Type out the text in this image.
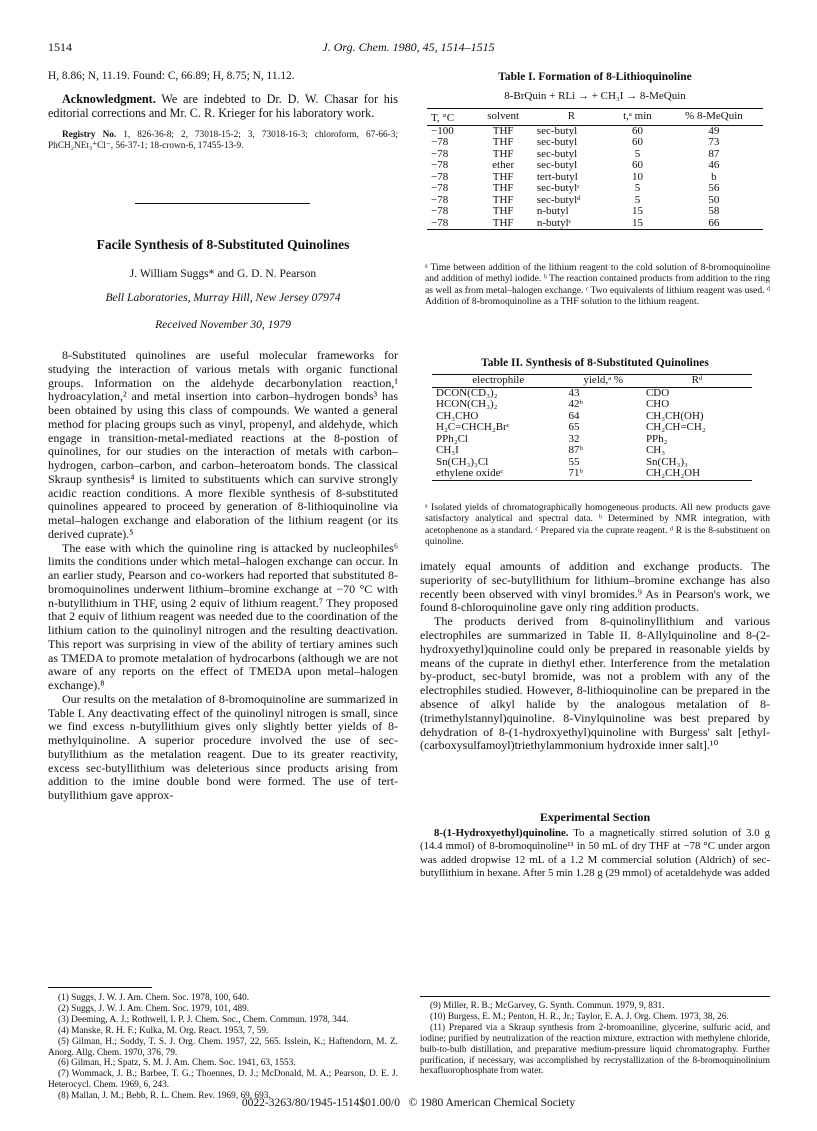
1514	J. Org. Chem. 1980, 45, 1514–1515

H, 8.86; N, 11.19. Found: C, 66.89; H, 8.75; N, 11.12.

Acknowledgment. We are indebted to Dr. D. W. Chasar for his editorial corrections and Mr. C. R. Krieger for his laboratory work.

Registry No. 1, 826-36-8; 2, 73018-15-2; 3, 73018-16-3; chloroform, 67-66-3; PhCH₂NEt₃⁺Cl⁻, 56-37-1; 18-crown-6, 17455-13-9.

Facile Synthesis of 8-Substituted Quinolines
J. William Suggs* and G. D. N. Pearson
Bell Laboratories, Murray Hill, New Jersey 07974
Received November 30, 1979

8-Substituted quinolines are useful molecular frameworks for studying the interaction of various metals with organic functional groups. Information on the aldehyde decarbonylation reaction,¹ hydroacylation,² and metal insertion into carbon–hydrogen bonds³ has been obtained by using this class of compounds. We wanted a general method for placing groups such as vinyl, propenyl, and aldehyde, which engage in transition-metal-mediated reactions at the 8-postion of quinolines, for our studies on the interaction of metals with carbon–hydrogen, carbon–carbon, and carbon–heteroatom bonds. The classical Skraup synthesis⁴ is limited to substituents which can survive strongly acidic reaction conditions. A more flexible synthesis of 8-substituted quinolines appeared to proceed by generation of 8-lithioquinoline via metal–halogen exchange and elaboration of the lithium reagent (or its derived cuprate).⁵

The ease with which the quinoline ring is attacked by nucleophiles⁶ limits the conditions under which metal–halogen exchange can occur. In an earlier study, Pearson and co-workers had reported that substituted 8-bromoquinolines underwent lithium–bromine exchange at −70 °C with n-butyllithium in THF, using 2 equiv of lithium reagent.⁷ They proposed that 2 equiv of lithium reagent was needed due to the coordination of the lithium cation to the quinolinyl nitrogen and the resulting deactivation. This report was surprising in view of the ability of tertiary amines such as TMEDA to promote metalation of hydrocarbons (although we are not aware of any reports on the effect of TMEDA upon metal–halogen exchange).⁸

Our results on the metalation of 8-bromoquinoline are summarized in Table I. Any deactivating effect of the quinolinyl nitrogen is small, since we find excess n-butyllithium gives only slightly better yields of 8-methylquinoline. A superior procedure involved the use of sec-butyllithium as the metalation reagent. Due to its greater reactivity, excess sec-butyllithium was deleterious since products arising from addition to the imine double bond were formed. The use of tert-butyllithium gave approx-

(1) Suggs, J. W. J. Am. Chem. Soc. 1978, 100, 640.

(2) Suggs, J. W. J. Am. Chem. Soc. 1979, 101, 489.

(3) Deeming, A. J.; Rothwell, I. P. J. Chem. Soc., Chem. Commun. 1978, 344.

(4) Manske, R. H. F.; Kulka, M. Org. React. 1953, 7, 59.

(5) Gilman, H.; Soddy, T. S. J. Org. Chem. 1957, 22, 565. Isslein, K.; Haftendorn, M. Z. Anorg. Allg. Chem. 1970, 376, 79.

(6) Gilman, H.; Spatz, S. M. J. Am. Chem. Soc. 1941, 63, 1553.

(7) Wommack, J. B.; Barbee, T. G.; Thoennes, D. J.; McDonald, M. A.; Pearson, D. E. J. Heterocycl. Chem. 1969, 6, 243.

(8) Mallan, J. M.; Bebb, R. L. Chem. Rev. 1969, 69, 693.

Table I. Formation of 8-Lithioquinoline
8-BrQuin + RLi → + CH₃I → 8-MeQuin
T, °C	solvent	R	t,ᵃ min	% 8-MeQuin
−100	THF	sec-butyl	60	49
−78	THF	sec-butyl	60	73
−78	THF	sec-butyl	5	87
−78	ether	sec-butyl	60	46
−78	THF	tert-butyl	10	b
−78	THF	sec-butylᶜ	5	56
−78	THF	sec-butylᵈ	5	50
−78	THF	n-butyl	15	58
−78	THF	n-butylᶜ	15	66
ᵃ Time between addition of the lithium reagent to the cold solution of 8-bromoquinoline and addition of methyl iodide. ᵇ The reaction contained products from addition to the ring as well as from metal–halogen exchange. ᶜ Two equivalents of lithium reagent was used. ᵈ Addition of 8-bromoquinoline as a THF solution to the lithium reagent.
Table II. Synthesis of 8-Substituted Quinolines
electrophile	yield,ᵃ %	Rᵈ
DCON(CD₃)₂	43	CDO
HCON(CH₃)₂	42ᵇ	CHO
CH₃CHO	64	CH₃CH(OH)
H₂C=CHCH₂Brᶜ	65	CH₂CH=CH₂
PPh₂Cl	32	PPh₂
CH₃I	87ᵇ	CH₃
Sn(CH₃)₃Cl	55	Sn(CH₃)₃
ethylene oxideᶜ	71ᵇ	CH₂CH₂OH
ᵃ Isolated yields of chromatographically homogeneous products. All new products gave satisfactory analytical and spectral data. ᵇ Determined by NMR integration, with acetophenone as a standard. ᶜ Prepared via the cuprate reagent. ᵈ R is the 8-substituent on quinoline.

imately equal amounts of addition and exchange products. The superiority of sec-butyllithium for lithium–bromine exchange has also recently been observed with vinyl bromides.⁹ As in Pearson's work, we found 8-chloroquinoline gave only ring addition products.

The products derived from 8-quinolinyllithium and various electrophiles are summarized in Table II. 8-Allylquinoline and 8-(2-hydroxyethyl)quinoline could only be prepared in reasonable yields by means of the cuprate in diethyl ether. Interference from the metalation by-product, sec-butyl bromide, was not a problem with any of the electrophiles studied. However, 8-lithioquinoline can be prepared in the absence of alkyl halide by the analogous metalation of 8-(trimethylstannyl)quinoline. 8-Vinylquinoline was best prepared by dehydration of 8-(1-hydroxyethyl)quinoline with Burgess' salt [ethyl-(carboxysulfamoyl)triethylammonium hydroxide inner salt].¹⁰

Experimental Section

8-(1-Hydroxyethyl)quinoline. To a magnetically stirred solution of 3.0 g (14.4 mmol) of 8-bromoquinoline¹¹ in 50 mL of dry THF at −78 °C under argon was added dropwise 12 mL of a 1.2 M commercial solution (Aldrich) of sec-butyllithium in hexane. After 5 min 1.28 g (29 mmol) of acetaldehyde was added

(9) Miller, R. B.; McGarvey, G. Synth. Commun. 1979, 9, 831.

(10) Burgess, E. M.; Penton, H. R., Jr.; Taylor, E. A. J. Org. Chem. 1973, 38, 26.

(11) Prepared via a Skraup synthesis from 2-bromoaniline, glycerine, sulfuric acid, and iodine; purified by neutralization of the reaction mixture, extraction with methylene chloride, bulb-to-bulb distillation, and preparative medium-pressure liquid chromatography. Further purification, if necessary, was accomplished by recrystallization of the 8-bromoquinolinium hexafluorophosphate from water.

0022-3263/80/1945-1514$01.00/0 © 1980 American Chemical Society
